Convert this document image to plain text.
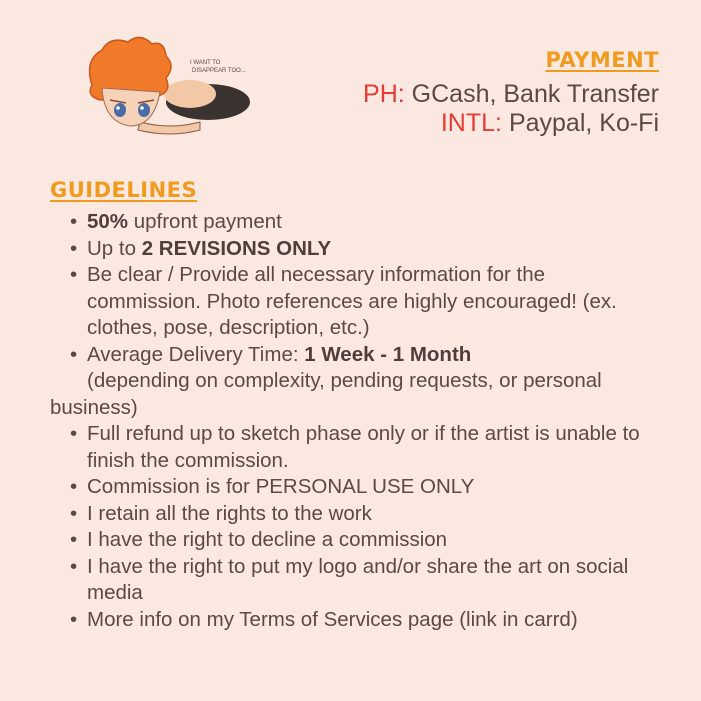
I WANT TO
DISAPPEAR TOO...	PAYMENT
PH: GCash, Bank Transfer
INTL: Paypal, Ko-Fi
GUIDELINES
• 50% upfront payment
• Up to 2 REVISIONS ONLY
• Be clear / Provide all necessary information for the
commission. Photo references are highly encouraged! (ex.
clothes, pose, description, etc.)
• Average Delivery Time: 1 Week - 1 Month
(depending on complexity, pending requests, or personal
business)
• Full refund up to sketch phase only or if the artist is unable to
finish the commission.
• Commission is for PERSONAL USE ONLY
• I retain all the rights to the work
• I have the right to decline a commission
• I have the right to put my logo and/or share the art on social
media
• More info on my Terms of Services page (link in carrd)
